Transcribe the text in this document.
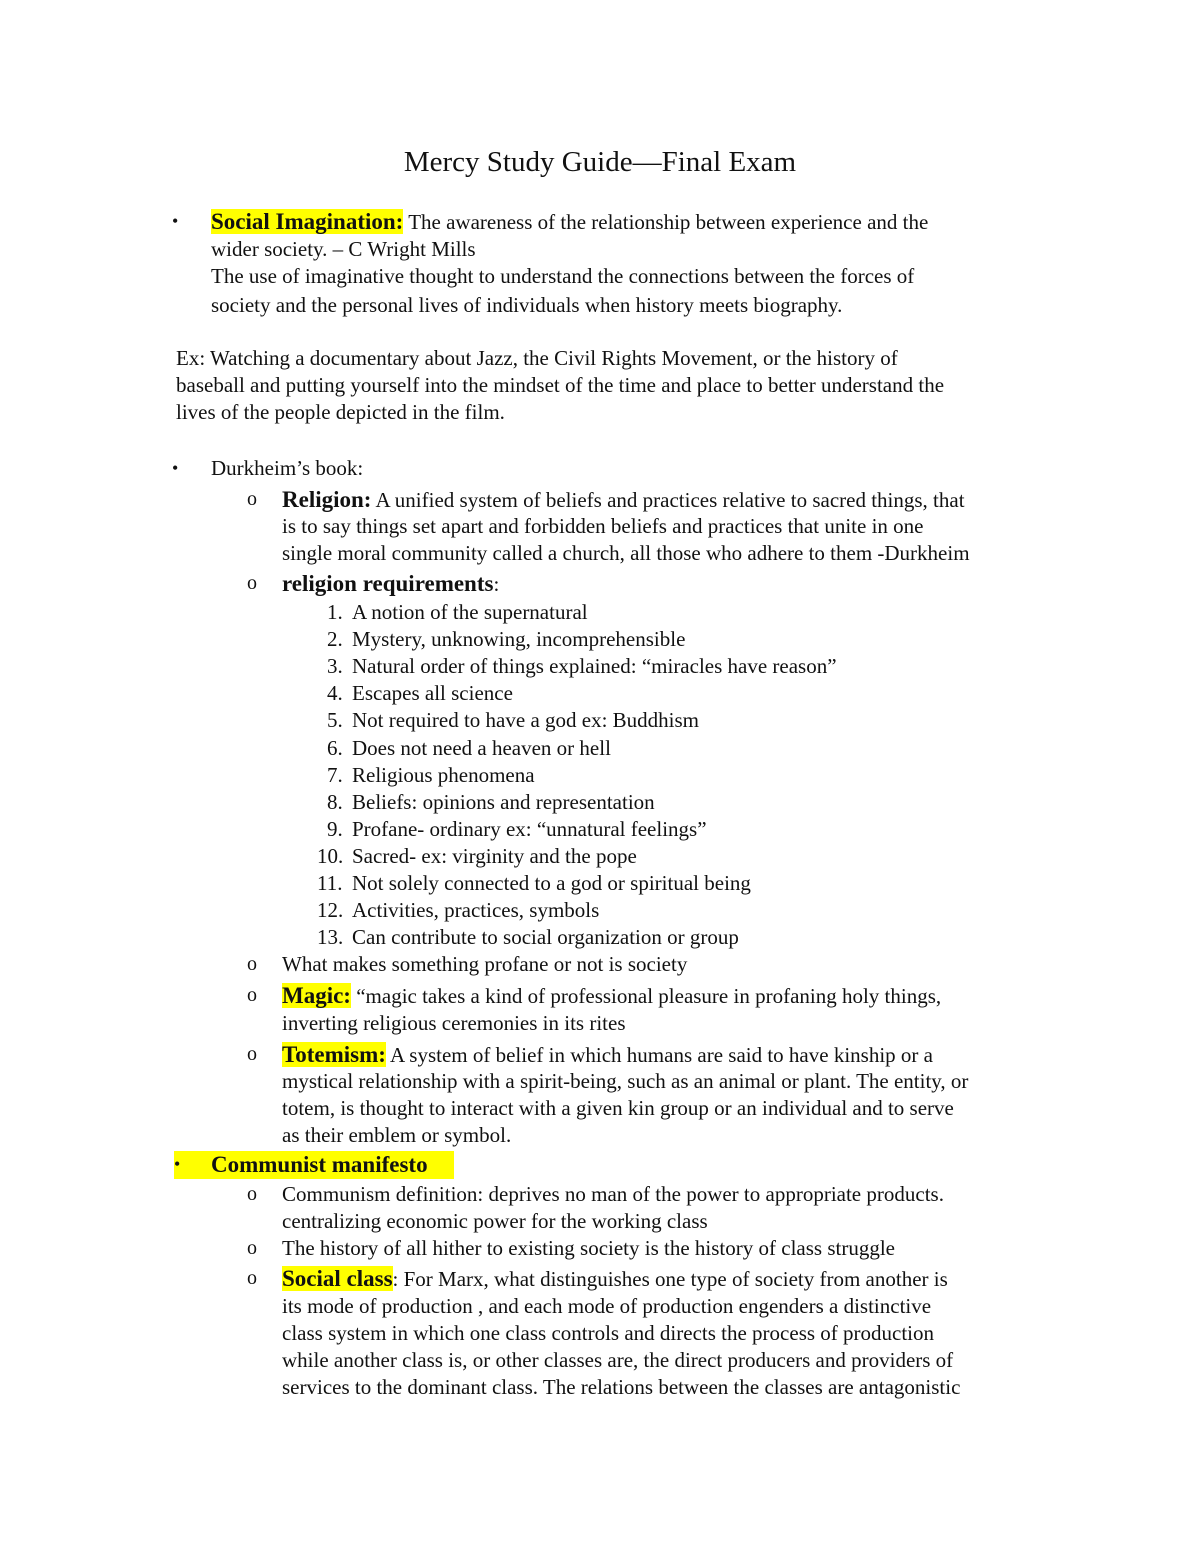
Mercy Study Guide—Final Exam
• Social Imagination: The awareness of the relationship between experience and the
wider society. – C Wright Mills
The use of imaginative thought to understand the connections between the forces of
society and the personal lives of individuals when history meets biography.
Ex: Watching a documentary about Jazz, the Civil Rights Movement, or the history of
baseball and putting yourself into the mindset of the time and place to better understand the
lives of the people depicted in the film.
• Durkheim’s book:
o Religion: A unified system of beliefs and practices relative to sacred things, that
is to say things set apart and forbidden beliefs and practices that unite in one
single moral community called a church, all those who adhere to them -Durkheim
o religion requirements:
1. A notion of the supernatural
2. Mystery, unknowing, incomprehensible
3. Natural order of things explained: “miracles have reason”
4. Escapes all science
5. Not required to have a god ex: Buddhism
6. Does not need a heaven or hell
7. Religious phenomena
8. Beliefs: opinions and representation
9. Profane- ordinary ex: “unnatural feelings”
10. Sacred- ex: virginity and the pope
11. Not solely connected to a god or spiritual being
12. Activities, practices, symbols
13. Can contribute to social organization or group
o What makes something profane or not is society
o Magic: “magic takes a kind of professional pleasure in profaning holy things,
inverting religious ceremonies in its rites
o Totemism: A system of belief in which humans are said to have kinship or a
mystical relationship with a spirit-being, such as an animal or plant. The entity, or
totem, is thought to interact with a given kin group or an individual and to serve
as their emblem or symbol.
• Communist manifesto
o Communism definition: deprives no man of the power to appropriate products.
centralizing economic power for the working class
o The history of all hither to existing society is the history of class struggle
o Social class: For Marx, what distinguishes one type of society from another is
its mode of production , and each mode of production engenders a distinctive
class system in which one class controls and directs the process of production
while another class is, or other classes are, the direct producers and providers of
services to the dominant class. The relations between the classes are antagonistic
